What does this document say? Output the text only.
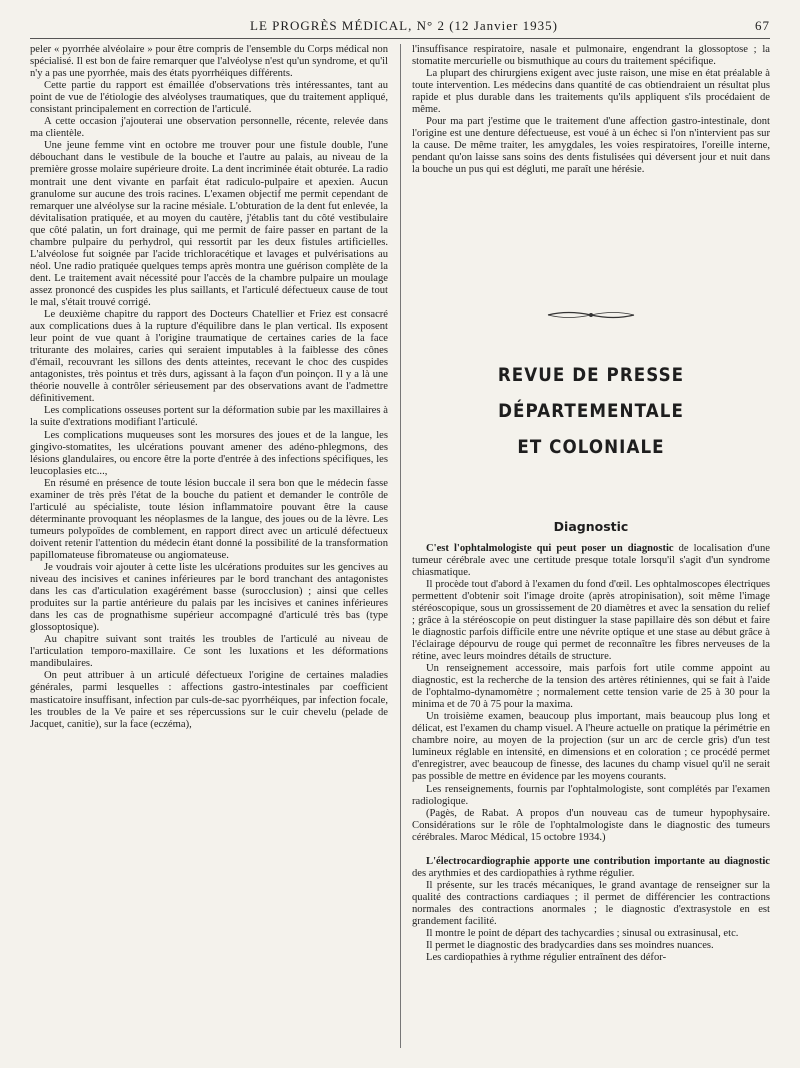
LE PROGRÈS MÉDICAL, N° 2 (12 Janvier 1935)	67

peler « pyorrhée alvéolaire » pour être compris de l'ensemble du Corps médical non spécialisé. Il est bon de faire remarquer que l'alvéolyse n'est qu'un syndrome, et qu'il n'y a pas une pyorrhée, mais des états pyorrhéiques différents.

Cette partie du rapport est émaillée d'observations très intéressantes, tant au point de vue de l'étiologie des alvéolyses traumatiques, que du traitement appliqué, consistant principalement en correction de l'articulé.

A cette occasion j'ajouterai une observation personnelle, récente, relevée dans ma clientèle.

Une jeune femme vint en octobre me trouver pour une fistule double, l'une débouchant dans le vestibule de la bouche et l'autre au palais, au niveau de la première grosse molaire supérieure droite. La dent incriminée était obturée. La radio montrait une dent vivante en parfait état radiculo-pulpaire et apexien. Aucun granulome sur aucune des trois racines. L'examen objectif me permit cependant de remarquer une alvéolyse sur la racine mésiale. L'obturation de la dent fut enlevée, la dévitalisation pratiquée, et au moyen du cautère, j'établis tant du côté vestibulaire que côté palatin, un fort drainage, qui me permit de faire passer en partant de la chambre pulpaire du perhydrol, qui ressortit par les deux fistules artificielles. L'alvéolose fut soignée par l'acide trichloracétique et lavages et pulvérisations au néol. Une radio pratiquée quelques temps après montra une guérison complète de la dent. Le traitement avait nécessité pour l'accès de la chambre pulpaire un moulage assez prononcé des cuspides les plus saillants, et l'articulé défectueux cause de tout le mal, s'était trouvé corrigé.

Le deuxième chapitre du rapport des Docteurs Chatellier et Friez est consacré aux complications dues à la rupture d'équilibre dans le plan vertical. Ils exposent leur point de vue quant à l'origine traumatique de certaines caries de la face triturante des molaires, caries qui seraient imputables à la faiblesse des cônes d'émail, recouvrant les sillons des dents atteintes, recevant le choc des cuspides antagonistes, très pointus et très durs, agissant à la façon d'un poinçon. Il y a là une théorie nouvelle à contrôler sérieusement par des observations avant de l'admettre définitivement.

Les complications osseuses portent sur la déformation subie par les maxillaires à la suite d'extrations modifiant l'articulé.

Les complications muqueuses sont les morsures des joues et de la langue, les gingivo-stomatites, les ulcérations pouvant amener des adéno-phlegmons, des lésions glandulaires, ou encore être la porte d'entrée à des infections spécifiques, les leucoplasies etc...,

En résumé en présence de toute lésion buccale il sera bon que le médecin fasse examiner de très près l'état de la bouche du patient et demander le contrôle de l'articulé au spécialiste, toute lésion inflammatoire pouvant être la cause déterminante provoquant les néoplasmes de la langue, des joues ou de la lèvre. Les tumeurs polypoïdes de comblement, en rapport direct avec un articulé défectueux doivent retenir l'attention du médecin étant donné la possibilité de la transformation papillomateuse fibromateuse ou angiomateuse.

Je voudrais voir ajouter à cette liste les ulcérations produites sur les gencives au niveau des incisives et canines inférieures par le bord tranchant des antagonistes dans les cas d'articulation exagérément basse (surocclusion) ; ainsi que celles produites sur la partie antérieure du palais par les incisives et canines inférieures dans les cas de prognathisme supérieur accompagné d'articulé très bas (type glossoptosique).

Au chapitre suivant sont traités les troubles de l'articulé au niveau de l'articulation temporo-maxillaire. Ce sont les luxations et les déformations mandibulaires.

On peut attribuer à un articulé défectueux l'origine de certaines maladies générales, parmi lesquelles : affections gastro-intestinales par coefficient masticatoire insuffisant, infection par culs-de-sac pyorrhéiques, par infection focale, les troubles de la Ve paire et ses répercussions sur le cuir chevelu (pelade de Jacquet, canitie), sur la face (eczéma),

l'insuffisance respiratoire, nasale et pulmonaire, engendrant la glossoptose ; la stomatite mercurielle ou bismuthique au cours du traitement spécifique.

La plupart des chirurgiens exigent avec juste raison, une mise en état préalable à toute intervention. Les médecins dans quantité de cas obtiendraient un résultat plus rapide et plus durable dans les traitements qu'ils appliquent s'ils procédaient de même.

Pour ma part j'estime que le traitement d'une affection gastro-intestinale, dont l'origine est une denture défectueuse, est voué à un échec si l'on n'intervient pas sur la cause. De même traiter, les amygdales, les voies respiratoires, l'oreille interne, pendant qu'on laisse sans soins des dents fistulisées qui déversent jour et nuit dans la bouche un pus qui est dégluti, me paraît une hérésie.

REVUE DE PRESSE DÉPARTEMENTALE
ET COLONIALE
Diagnostic

C'est l'ophtalmologiste qui peut poser un diagnostic de localisation d'une tumeur cérébrale avec une certitude presque totale lorsqu'il s'agit d'un syndrome chiasmatique.

Il procède tout d'abord à l'examen du fond d'œil. Les ophtalmoscopes électriques permettent d'obtenir soit l'image droite (après atropinisation), soit même l'image stéréoscopique, sous un grossissement de 20 diamètres et avec la sensation du relief ; grâce à la stéréoscopie on peut distinguer la stase papillaire dès son début et faire le diagnostic parfois difficile entre une névrite optique et une stase au début grâce à l'éclairage dépourvu de rouge qui permet de reconnaître les fibres nerveuses de la rétine, avec leurs moindres détails de structure.

Un renseignement accessoire, mais parfois fort utile comme appoint au diagnostic, est la recherche de la tension des artères rétiniennes, qui se fait à l'aide de l'ophtalmo-dynamomètre ; normalement cette tension varie de 25 à 30 pour la minima et de 70 à 75 pour la maxima.

Un troisième examen, beaucoup plus important, mais beaucoup plus long et délicat, est l'examen du champ visuel. A l'heure actuelle on pratique la périmétrie en chambre noire, au moyen de la projection (sur un arc de cercle gris) d'un test lumineux réglable en intensité, en dimensions et en coloration ; ce procédé permet d'enregistrer, avec beaucoup de finesse, des lacunes du champ visuel qu'il ne serait pas possible de mettre en évidence par les moyens courants.

Les renseignements, fournis par l'ophtalmologiste, sont complétés par l'examen radiologique.

(Pagès, de Rabat. A propos d'un nouveau cas de tumeur hypophysaire. Considérations sur le rôle de l'ophtalmologiste dans le diagnostic des tumeurs cérébrales. Maroc Médical, 15 octobre 1934.)

L'électrocardiographie apporte une contribution importante au diagnostic des arythmies et des cardiopathies à rythme régulier.

Il présente, sur les tracés mécaniques, le grand avantage de renseigner sur la qualité des contractions cardiaques ; il permet de différencier les contractions normales des contractions anormales ; le diagnostic d'extrasystole en est grandement facilité.

Il montre le point de départ des tachycardies ; sinusal ou extrasinusal, etc.

Il permet le diagnostic des bradycardies dans ses moindres nuances.

Les cardiopathies à rythme régulier entraînent des défor-
